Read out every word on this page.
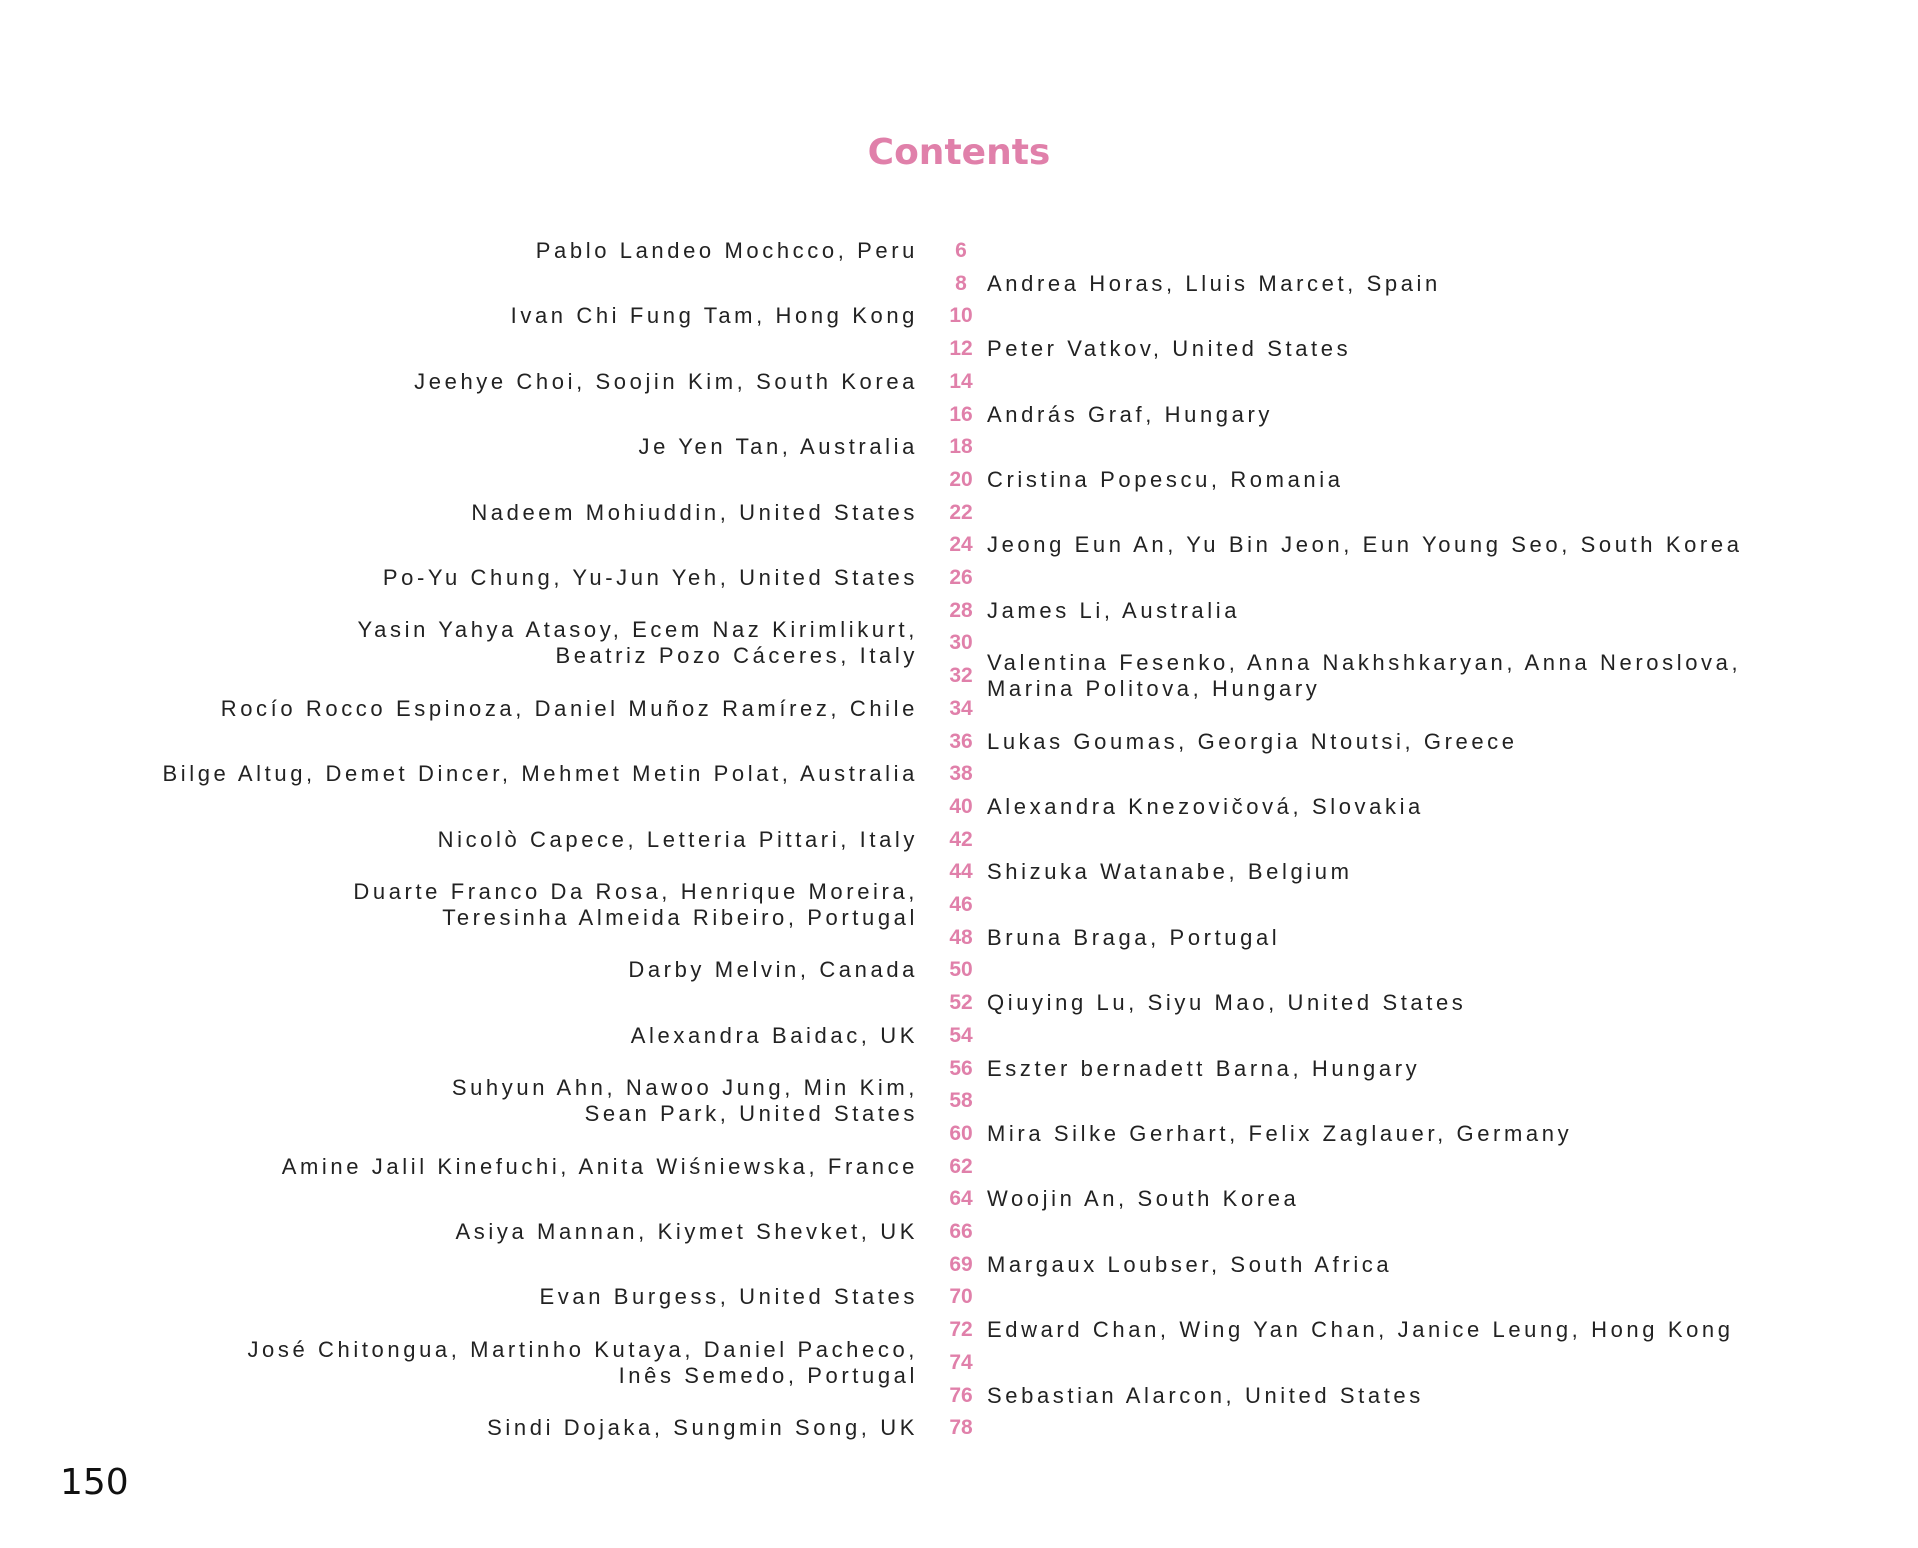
Contents
6
Pablo Landeo Mochcco, Peru
8 Andrea Horas, Lluis Marcet, Spain
10
Ivan Chi Fung Tam, Hong Kong
12 Peter Vatkov, United States
14
Jeehye Choi, Soojin Kim, South Korea
16 András Graf, Hungary
18
Je Yen Tan, Australia
20 Cristina Popescu, Romania
22
Nadeem Mohiuddin, United States
24 Jeong Eun An, Yu Bin Jeon, Eun Young Seo, South Korea
26
Po-Yu Chung, Yu-Jun Yeh, United States
28 James Li, Australia
30
Yasin Yahya Atasoy, Ecem Naz Kirimlikurt,
Beatriz Pozo Cáceres, Italy
32
Valentina Fesenko, Anna Nakhshkaryan, Anna Neroslova,
Marina Politova, Hungary
34
Rocío Rocco Espinoza, Daniel Muñoz Ramírez, Chile
36 Lukas Goumas, Georgia Ntoutsi, Greece
38
Bilge Altug, Demet Dincer, Mehmet Metin Polat, Australia
40 Alexandra Knezovičová, Slovakia
42
Nicolò Capece, Letteria Pittari, Italy
44 Shizuka Watanabe, Belgium
46
Duarte Franco Da Rosa, Henrique Moreira,
Teresinha Almeida Ribeiro, Portugal
48 Bruna Braga, Portugal
50
Darby Melvin, Canada
52 Qiuying Lu, Siyu Mao, United States
54
Alexandra Baidac, UK
56 Eszter bernadett Barna, Hungary
58
Suhyun Ahn, Nawoo Jung, Min Kim,
Sean Park, United States
60 Mira Silke Gerhart, Felix Zaglauer, Germany
62
Amine Jalil Kinefuchi, Anita Wiśniewska, France
64 Woojin An, South Korea
66
Asiya Mannan, Kiymet Shevket, UK
69 Margaux Loubser, South Africa
70
Evan Burgess, United States
72 Edward Chan, Wing Yan Chan, Janice Leung, Hong Kong
74
José Chitongua, Martinho Kutaya, Daniel Pacheco,
Inês Semedo, Portugal
76 Sebastian Alarcon, United States
78
Sindi Dojaka, Sungmin Song, UK
150
